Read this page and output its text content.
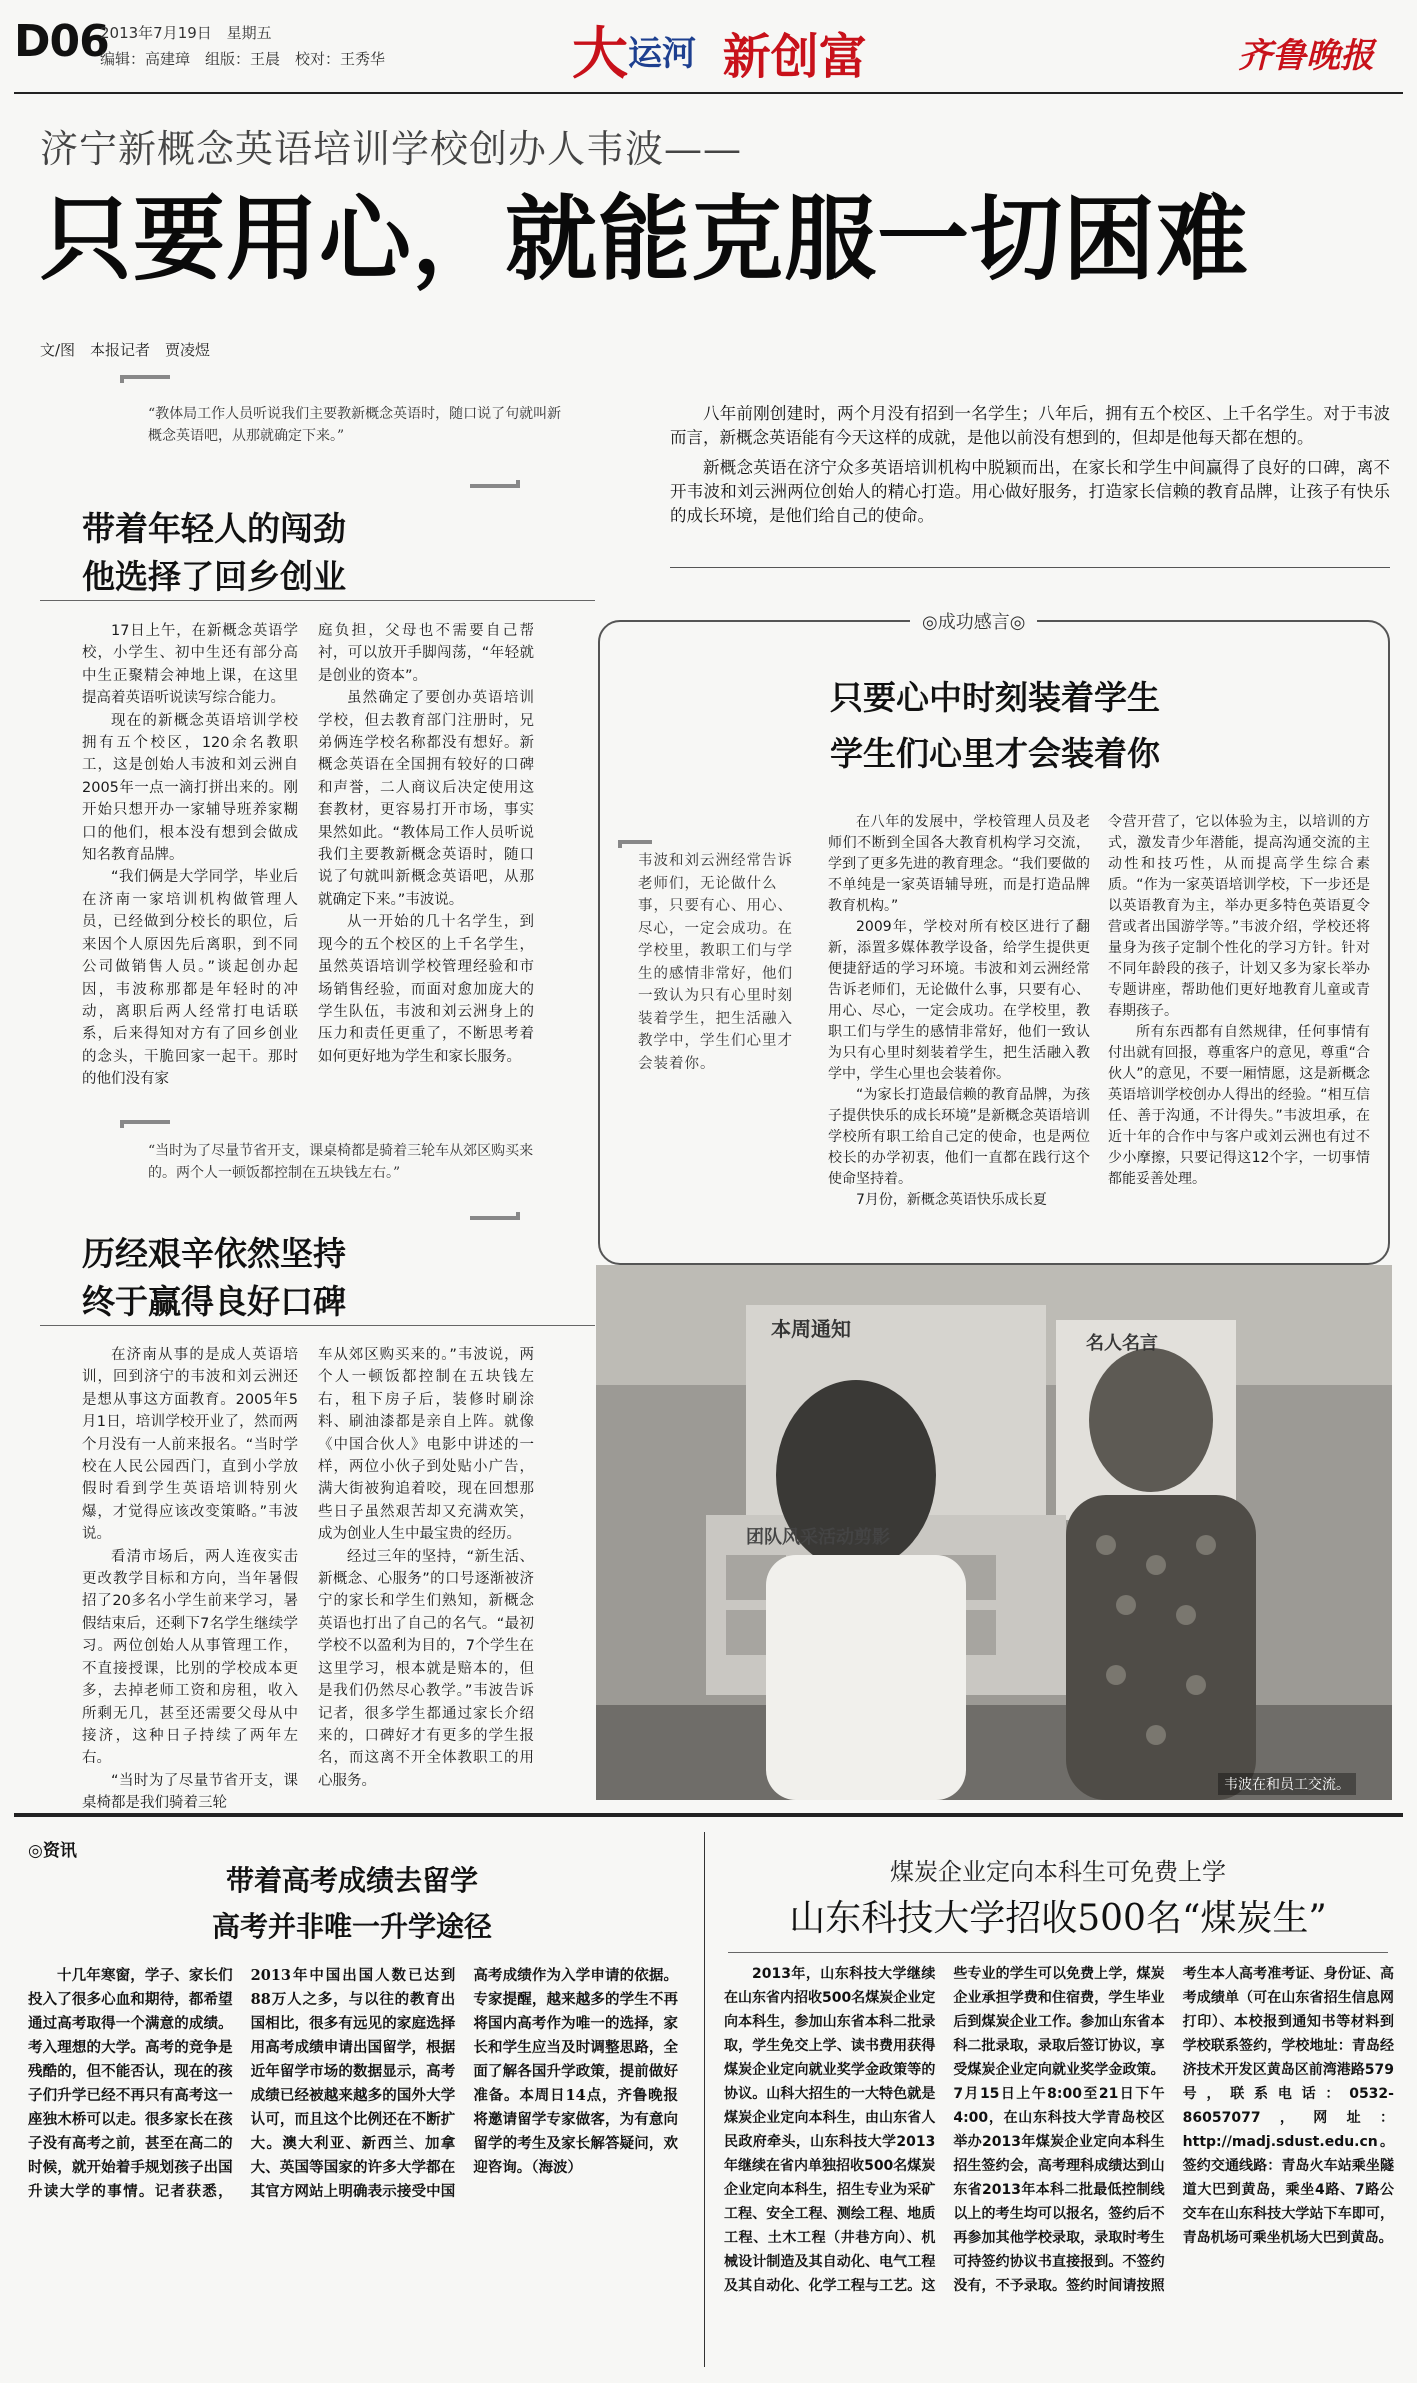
D06
2013年7月19日 星期五
编辑：高建璋　组版：王晨　校对：王秀华	大运河 新创富	齐鲁晚报
济宁新概念英语培训学校创办人韦波——
只要用心，就能克服一切困难
文/图　本报记者　贾凌煜
“教体局工作人员听说我们主要教新概念英语时，随口说了句就叫新概念英语吧，从那就确定下来。”

八年前刚创建时，两个月没有招到一名学生；八年后，拥有五个校区、上千名学生。对于韦波而言，新概念英语能有今天这样的成就，是他以前没有想到的，但却是他每天都在想的。

新概念英语在济宁众多英语培训机构中脱颖而出，在家长和学生中间赢得了良好的口碑，离不开韦波和刘云洲两位创始人的精心打造。用心做好服务，打造家长信赖的教育品牌，让孩子有快乐的成长环境，是他们给自己的使命。

带着年轻人的闯劲
他选择了回乡创业

17日上午，在新概念英语学校，小学生、初中生还有部分高中生正聚精会神地上课，在这里提高着英语听说读写综合能力。

现在的新概念英语培训学校拥有五个校区，120余名教职工，这是创始人韦波和刘云洲自2005年一点一滴打拼出来的。刚开始只想开办一家辅导班养家糊口的他们，根本没有想到会做成知名教育品牌。

“我们俩是大学同学，毕业后在济南一家培训机构做管理人员，已经做到分校长的职位，后来因个人原因先后离职，到不同公司做销售人员。”谈起创办起因，韦波称那都是年轻时的冲动，离职后两人经常打电话联系，后来得知对方有了回乡创业的念头，干脆回家一起干。那时的他们没有家

庭负担，父母也不需要自己帮衬，可以放开手脚闯荡，“年轻就是创业的资本”。

虽然确定了要创办英语培训学校，但去教育部门注册时，兄弟俩连学校名称都没有想好。新概念英语在全国拥有较好的口碑和声誉，二人商议后决定使用这套教材，更容易打开市场，事实果然如此。“教体局工作人员听说我们主要教新概念英语时，随口说了句就叫新概念英语吧，从那就确定下来。”韦波说。

从一开始的几十名学生，到现今的五个校区的上千名学生，虽然英语培训学校管理经验和市场销售经验，而面对愈加庞大的学生队伍，韦波和刘云洲身上的压力和责任更重了，不断思考着如何更好地为学生和家长服务。

“当时为了尽量节省开支，课桌椅都是骑着三轮车从郊区购买来的。两个人一顿饭都控制在五块钱左右。”
历经艰辛依然坚持
终于赢得良好口碑

在济南从事的是成人英语培训，回到济宁的韦波和刘云洲还是想从事这方面教育。2005年5月1日，培训学校开业了，然而两个月没有一人前来报名。“当时学校在人民公园西门，直到小学放假时看到学生英语培训特别火爆，才觉得应该改变策略。”韦波说。

看清市场后，两人连夜实击更改教学目标和方向，当年暑假招了20多名小学生前来学习，暑假结束后，还剩下7名学生继续学习。两位创始人从事管理工作，不直接授课，比别的学校成本更多，去掉老师工资和房租，收入所剩无几，甚至还需要父母从中接济，这种日子持续了两年左右。

“当时为了尽量节省开支，课桌椅都是我们骑着三轮

车从郊区购买来的。”韦波说，两个人一顿饭都控制在五块钱左右，租下房子后，装修时刷涂料、刷油漆都是亲自上阵。就像《中国合伙人》电影中讲述的一样，两位小伙子到处贴小广告，满大街被狗追着咬，现在回想那些日子虽然艰苦却又充满欢笑，成为创业人生中最宝贵的经历。

经过三年的坚持，“新生活、新概念、心服务”的口号逐渐被济宁的家长和学生们熟知，新概念英语也打出了自己的名气。“最初学校不以盈利为目的，7个学生在这里学习，根本就是赔本的，但是我们仍然尽心教学。”韦波告诉记者，很多学生都通过家长介绍来的，口碑好才有更多的学生报名，而这离不开全体教职工的用心服务。

◎成功感言◎
只要心中时刻装着学生
学生们心里才会装着你
韦波和刘云洲经常告诉老师们，无论做什么事，只要有心、用心、尽心，一定会成功。在学校里，教职工们与学生的感情非常好，他们一致认为只有心里时刻装着学生，把生活融入教学中，学生们心里才会装着你。

在八年的发展中，学校管理人员及老师们不断到全国各大教育机构学习交流，学到了更多先进的教育理念。“我们要做的不单纯是一家英语辅导班，而是打造品牌教育机构。”

2009年，学校对所有校区进行了翻新，添置多媒体教学设备，给学生提供更便捷舒适的学习环境。韦波和刘云洲经常告诉老师们，无论做什么事，只要有心、用心、尽心，一定会成功。在学校里，教职工们与学生的感情非常好，他们一致认为只有心里时刻装着学生，把生活融入教学中，学生心里也会装着你。

“为家长打造最信赖的教育品牌，为孩子提供快乐的成长环境”是新概念英语培训学校所有职工给自己定的使命，也是两位校长的办学初衷，他们一直都在践行这个使命坚持着。

7月份，新概念英语快乐成长夏

令营开营了，它以体验为主，以培训的方式，激发青少年潜能，提高沟通交流的主动性和技巧性，从而提高学生综合素质。“作为一家英语培训学校，下一步还是以英语教育为主，举办更多特色英语夏令营或者出国游学等。”韦波介绍，学校还将量身为孩子定制个性化的学习方针。针对不同年龄段的孩子，计划又多为家长举办专题讲座，帮助他们更好地教育儿童或青春期孩子。

所有东西都有自然规律，任何事情有付出就有回报，尊重客户的意见，尊重“合伙人”的意见，不要一厢情愿，这是新概念英语培训学校创办人得出的经验。“相互信任、善于沟通，不计得失。”韦波坦承，在近十年的合作中与客户或刘云洲也有过不少小摩擦，只要记得这12个字，一切事情都能妥善处理。

本周通知
名人名言
团队风采活动剪影
韦波在和员工交流。
◎资讯
带着高考成绩去留学
高考并非唯一升学途径

十几年寒窗，学子、家长们投入了很多心血和期待，都希望通过高考取得一个满意的成绩。考入理想的大学。高考的竞争是残酷的，但不能否认，现在的孩子们升学已经不再只有高考这一座独木桥可以走。很多家长在孩子没有高考之前，甚至在高二的时候，就开始着手规划孩子出国升读大学的事情。记者获悉，2013年中国出国人数已达到88万人之多，与以往的教育出国相比，很多有远见的家庭选择用高考成绩申请出国留学，根据近年留学市场的数据显示，高考成绩已经被越来越多的国外大学认可，而且这个比例还在不断扩大。澳大利亚、新西兰、加拿大、英国等国家的许多大学都在其官方网站上明确表示接受中国高考成绩作为入学申请的依据。专家提醒，越来越多的学生不再将国内高考作为唯一的选择，家长和学生应当及时调整思路，全面了解各国升学政策，提前做好准备。本周日14点，齐鲁晚报将邀请留学专家做客，为有意向留学的考生及家长解答疑问，欢迎咨询。（海波）

煤炭企业定向本科生可免费上学
山东科技大学招收500名“煤炭生”

2013年，山东科技大学继续在山东省内招收500名煤炭企业定向本科生，参加山东省本科二批录取，学生免交上学、读书费用获得煤炭企业定向就业奖学金政策等的协议。山科大招生的一大特色就是煤炭企业定向本科生，由山东省人民政府牵头，山东科技大学2013年继续在省内单独招收500名煤炭企业定向本科生，招生专业为采矿工程、安全工程、测绘工程、地质工程、土木工程（井巷方向）、机械设计制造及其自动化、电气工程及其自动化、化学工程与工艺。这些专业的学生可以免费上学，煤炭企业承担学费和住宿费，学生毕业后到煤炭企业工作。参加山东省本科二批录取，录取后签订协议，享受煤炭企业定向就业奖学金政策。7月15日上午8:00至21日下午4:00，在山东科技大学青岛校区举办2013年煤炭企业定向本科生招生签约会，高考理科成绩达到山东省2013年本科二批最低控制线以上的考生均可以报名，签约后不再参加其他学校录取，录取时考生可持签约协议书直接报到。不签约没有，不予录取。签约时间请按照考生本人高考准考证、身份证、高考成绩单（可在山东省招生信息网打印）、本校报到通知书等材料到学校联系签约，学校地址：青岛经济技术开发区黄岛区前湾港路579号，联系电话：0532-86057077，网址：http://madj.sdust.edu.cn。签约交通线路：青岛火车站乘坐隧道大巴到黄岛，乘坐4路、7路公交车在山东科技大学站下车即可，青岛机场可乘坐机场大巴到黄岛。
